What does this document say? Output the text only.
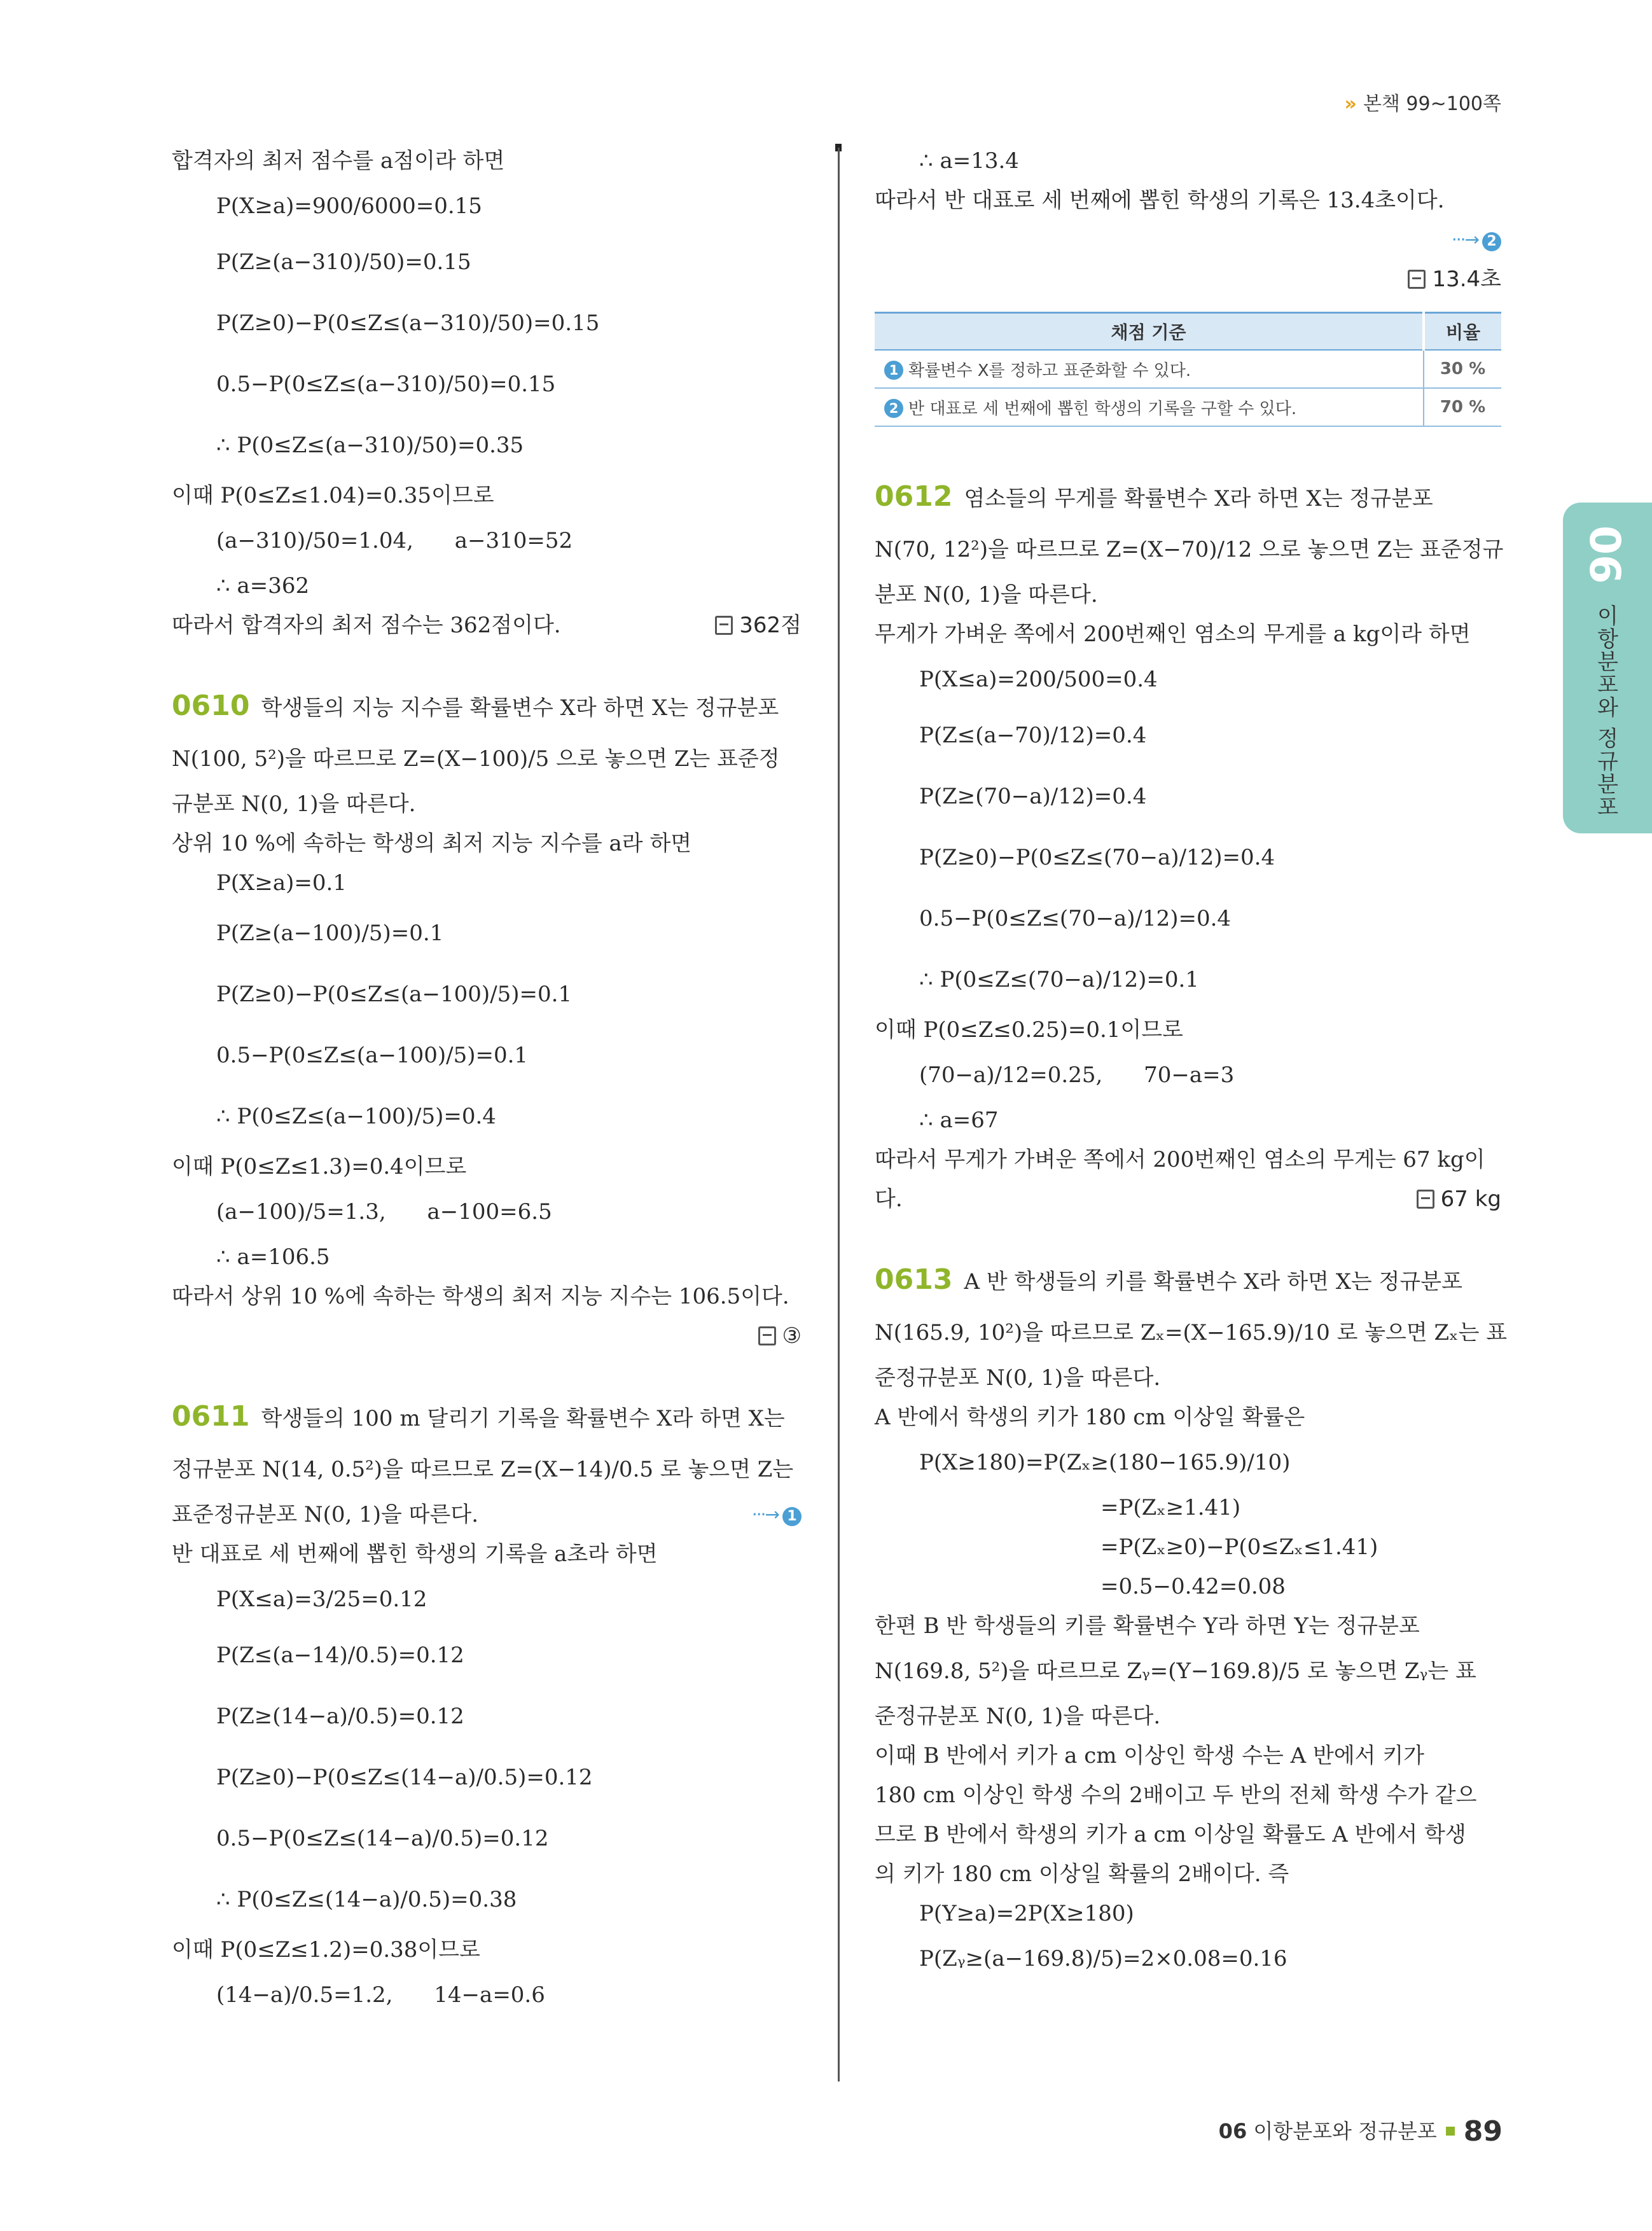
» 본책 99~100쪽
합격자의 최저 점수를 a점이라 하면
P(X≥a)=900/6000=0.15
P(Z≥(a−310)/50)=0.15
P(Z≥0)−P(0≤Z≤(a−310)/50)=0.15
0.5−P(0≤Z≤(a−310)/50)=0.15
∴ P(0≤Z≤(a−310)/50)=0.35
이때 P(0≤Z≤1.04)=0.35이므로
(a−310)/50=1.04,      a−310=52
∴ a=362
따라서 합격자의 최저 점수는 362점이다.	362점
0610 학생들의 지능 지수를 확률변수 X라 하면 X는 정규분포
N(100, 5²)을 따르므로 Z=(X−100)/5 으로 놓으면 Z는 표준정
규분포 N(0, 1)을 따른다.
상위 10 %에 속하는 학생의 최저 지능 지수를 a라 하면
P(X≥a)=0.1
P(Z≥(a−100)/5)=0.1
P(Z≥0)−P(0≤Z≤(a−100)/5)=0.1
0.5−P(0≤Z≤(a−100)/5)=0.1
∴ P(0≤Z≤(a−100)/5)=0.4
이때 P(0≤Z≤1.3)=0.4이므로
(a−100)/5=1.3,      a−100=6.5
∴ a=106.5
따라서 상위 10 %에 속하는 학생의 최저 지능 지수는 106.5이다.
③
0611 학생들의 100 m 달리기 기록을 확률변수 X라 하면 X는
정규분포 N(14, 0.5²)을 따르므로 Z=(X−14)/0.5 로 놓으면 Z는
표준정규분포 N(0, 1)을 따른다.	···→ 1
반 대표로 세 번째에 뽑힌 학생의 기록을 a초라 하면
P(X≤a)=3/25=0.12
P(Z≤(a−14)/0.5)=0.12
P(Z≥(14−a)/0.5)=0.12
P(Z≥0)−P(0≤Z≤(14−a)/0.5)=0.12
0.5−P(0≤Z≤(14−a)/0.5)=0.12
∴ P(0≤Z≤(14−a)/0.5)=0.38
이때 P(0≤Z≤1.2)=0.38이므로
(14−a)/0.5=1.2,      14−a=0.6
∴ a=13.4
따라서 반 대표로 세 번째에 뽑힌 학생의 기록은 13.4초이다.
···→ 2
13.4초
채점 기준	비율
1 확률변수 X를 정하고 표준화할 수 있다.	30 %
2 반 대표로 세 번째에 뽑힌 학생의 기록을 구할 수 있다.	70 %
0612 염소들의 무게를 확률변수 X라 하면 X는 정규분포
N(70, 12²)을 따르므로 Z=(X−70)/12 으로 놓으면 Z는 표준정규
분포 N(0, 1)을 따른다.
무게가 가벼운 쪽에서 200번째인 염소의 무게를 a kg이라 하면
P(X≤a)=200/500=0.4
P(Z≤(a−70)/12)=0.4
P(Z≥(70−a)/12)=0.4
P(Z≥0)−P(0≤Z≤(70−a)/12)=0.4
0.5−P(0≤Z≤(70−a)/12)=0.4
∴ P(0≤Z≤(70−a)/12)=0.1
이때 P(0≤Z≤0.25)=0.1이므로
(70−a)/12=0.25,      70−a=3
∴ a=67
따라서 무게가 가벼운 쪽에서 200번째인 염소의 무게는 67 kg이
다.	67 kg
0613 A 반 학생들의 키를 확률변수 X라 하면 X는 정규분포
N(165.9, 10²)을 따르므로 Zₓ=(X−165.9)/10 로 놓으면 Zₓ는 표
준정규분포 N(0, 1)을 따른다.
A 반에서 학생의 키가 180 cm 이상일 확률은
P(X≥180)=P(Zₓ≥(180−165.9)/10)
=P(Zₓ≥1.41)
=P(Zₓ≥0)−P(0≤Zₓ≤1.41)
=0.5−0.42=0.08
한편 B 반 학생들의 키를 확률변수 Y라 하면 Y는 정규분포
N(169.8, 5²)을 따르므로 Zᵧ=(Y−169.8)/5 로 놓으면 Zᵧ는 표
준정규분포 N(0, 1)을 따른다.
이때 B 반에서 키가 a cm 이상인 학생 수는 A 반에서 키가
180 cm 이상인 학생 수의 2배이고 두 반의 전체 학생 수가 같으
므로 B 반에서 학생의 키가 a cm 이상일 확률도 A 반에서 학생
의 키가 180 cm 이상일 확률의 2배이다. 즉
P(Y≥a)=2P(X≥180)
P(Zᵧ≥(a−169.8)/5)=2×0.08=0.16
06
이항분포와 정규분포
06 이항분포와 정규분포 89
